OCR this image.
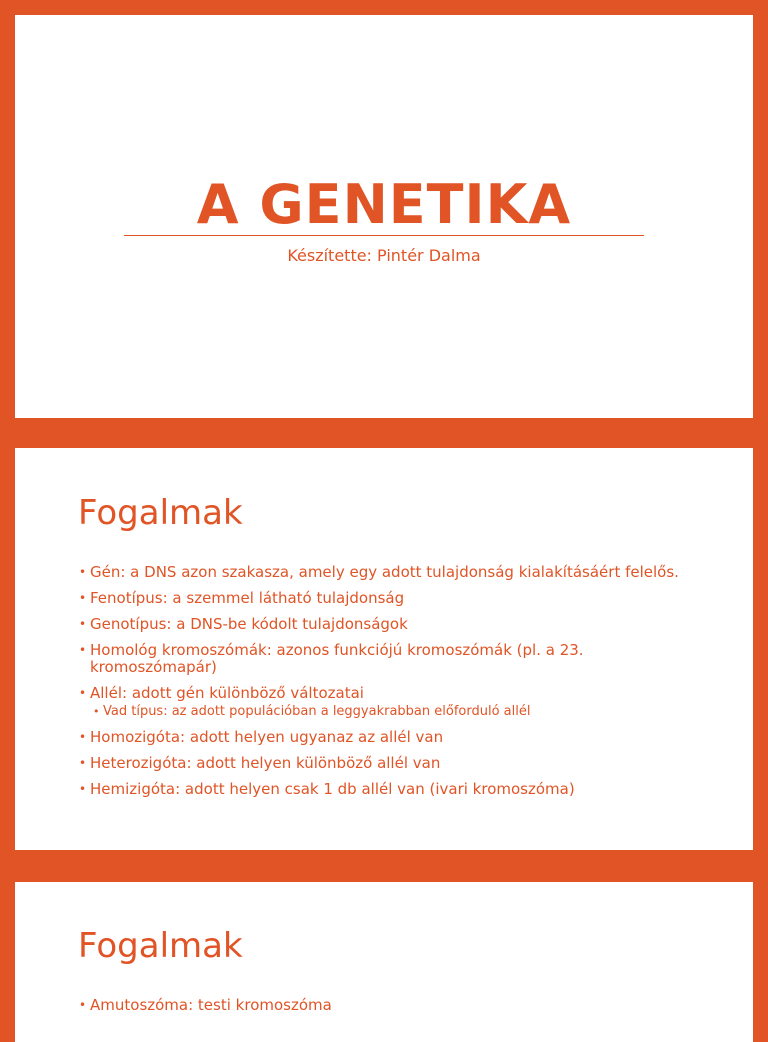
A GENETIKA
Készítette: Pintér Dalma
Fogalmak
• Gén: a DNS azon szakasza, amely egy adott tulajdonság kialakításáért felelős.
• Fenotípus: a szemmel látható tulajdonság
• Genotípus: a DNS-be kódolt tulajdonságok
• Homológ kromoszómák: azonos funkciójú kromoszómák (pl. a 23. kromoszómapár)
• Allél: adott gén különböző változatai
• Vad típus: az adott populációban a leggyakrabban előforduló allél
• Homozigóta: adott helyen ugyanaz az allél van
• Heterozigóta: adott helyen különböző allél van
• Hemizigóta: adott helyen csak 1 db allél van (ivari kromoszóma)
Fogalmak
• Amutoszóma: testi kromoszóma
